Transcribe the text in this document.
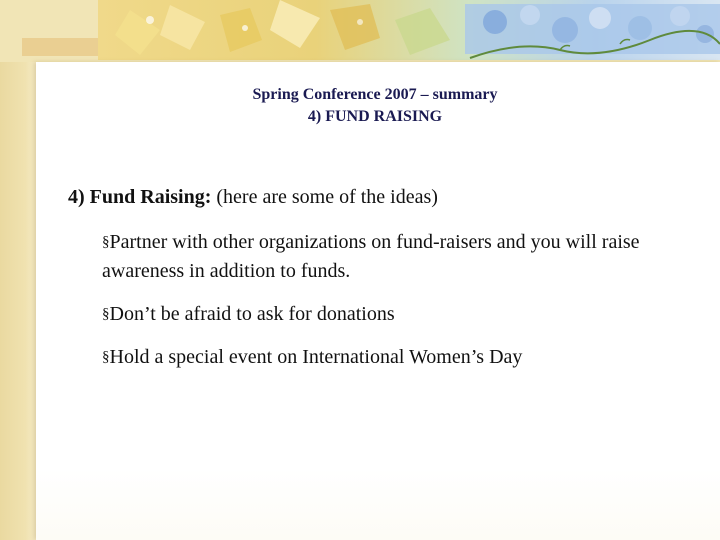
Spring Conference 2007 – summary
4) FUND RAISING
4) Fund Raising: (here are some of the ideas)
§Partner with other organizations on fund-raisers and you will raise awareness in addition to funds.
§Don’t be afraid to ask for donations
§Hold a special event on International Women’s Day
